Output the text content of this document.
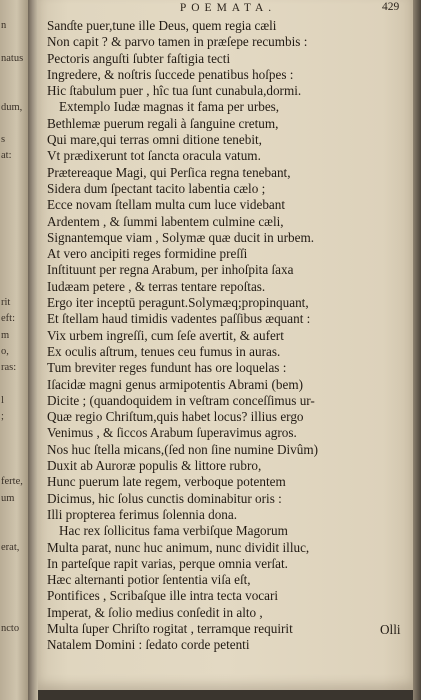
n
natus
dum,
s
at:
rit
eft:
m
o,
ras:
l
;
ferte,
um
erat,
ncto
POEMATA.	429
Sanɗte puer,tune ille Deus, quem regia cæli
Non capit ? & parvo tamen in præſepe recumbis :
Pectoris anguſti ſubter faſtigia tecti
Ingredere, & noſtris ſuccede penatibus hoſpes :
Hic ſtabulum puer , hîc tua ſunt cunabula,dormi.
Extemplo Iudæ magnas it fama per urbes,
Bethlemæ puerum regali à ſanguine cretum,
Qui mare,qui terras omni ditione tenebit,
Vt prædixerunt tot ſancta oracula vatum.
Prætereaque Magi, qui Perſica regna tenebant,
Sidera dum ſpectant tacito labentia cælo ;
Ecce novam ſtellam multa cum luce videbant
Ardentem , & ſummi labentem culmine cæli,
Signantemque viam , Solymæ quæ ducit in urbem.
At vero ancipiti reges formidine preſſi
Inſtituunt per regna Arabum, per inhoſpita ſaxa
Iudæam petere , & terras tentare repoſtas.
Ergo iter inceptū peragunt.Solymæq;propinquant,
Et ſtellam haud timidis vadentes paſſibus æquant :
Vix urbem ingreſſi, cum ſeſe avertit, & aufert
Ex oculis aſtrum, tenues ceu fumus in auras.
Tum breviter reges fundunt has ore loquelas :
Iſacidæ magni genus armipotentis Abrami (bem)
Dicite ; (quandoquidem in veſtram conceſſimus ur-
Quæ regio Chriſtum,quis habet locus? illius ergo
Venimus , & ſiccos Arabum ſuperavimus agros.
Nos huc ſtella micans,(ſed non ſine numine Divûm)
Duxit ab Auroræ populis & littore rubro,
Hunc puerum late regem, verboque potentem
Dicimus, hic ſolus cunctis dominabitur oris :
Illi propterea ferimus ſolennia dona.
Hac rex ſollicitus fama verbiſque Magorum
Multa parat, nunc huc animum, nunc dividit illuc,
In parteſque rapit varias, perque omnia verſat.
Hæc alternanti potior ſententia viſa eſt,
Pontifices , Scribaſque ille intra tecta vocari
Imperat, & ſolio medius conſedit in alto ,
Multa ſuper Chriſto rogitat , terramque requirit
Natalem Domini : ſedato corde petenti
Olli
